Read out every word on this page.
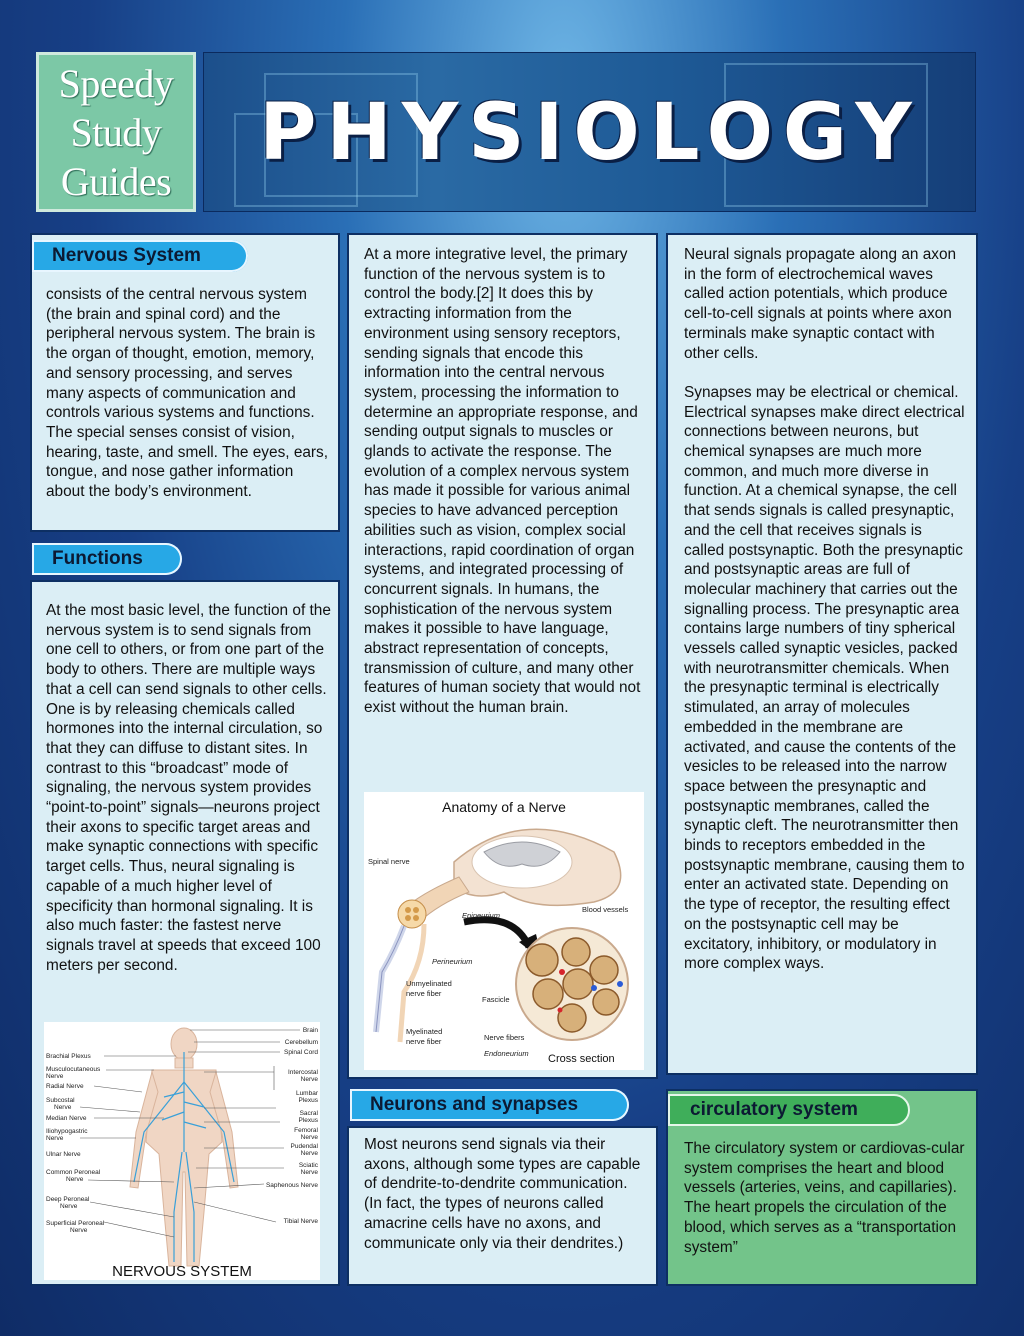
Speedy
Study
Guides
PHYSIOLOGY
Nervous System
consists of the central nervous system (the brain and spinal cord) and the peripheral nervous system. The brain is the organ of thought, emotion, memory, and sensory processing, and serves many aspects of communication and controls various systems and functions. The special senses consist of vision, hearing, taste, and smell. The eyes, ears, tongue, and nose gather information about the body’s environment.
Functions
At the most basic level, the function of the nervous system is to send signals from one cell to others, or from one part of the body to others. There are multiple ways that a cell can send signals to other cells. One is by releasing chemicals called hormones into the internal circulation, so that they can diffuse to distant sites. In contrast to this “broadcast” mode of signaling, the nervous system provides “point-to-point” signals—neurons project their axons to specific target areas and make synaptic connections with specific target cells. Thus, neural signaling is capable of a much higher level of specificity than hormonal signaling. It is also much faster: the fastest nerve signals travel at speeds that exceed 100 meters per second.
Brachial Plexus
Musculocutaneous
Nerve
Radial Nerve
Subcostal
Nerve
Median Nerve
Iliohypogastric
Nerve
Ulnar Nerve
Common Peroneal
Nerve
Deep Peroneal
Nerve
Superficial Peroneal
Nerve
Brain
Cerebellum
Spinal Cord
Intercostal
Nerve
Lumbar
Plexus
Sacral
Plexus
Femoral
Nerve
Pudendal
Nerve
Sciatic
Nerve
Saphenous Nerve
Tibial Nerve
NERVOUS SYSTEM
At a more integrative level, the primary function of the nervous system is to control the body.[2] It does this by extracting information from the environment using sensory receptors, sending signals that encode this information into the central nervous system, processing the information to determine an appropriate response, and sending output signals to muscles or glands to activate the response. The evolution of a complex nervous system has made it possible for various animal species to have advanced perception abilities such as vision, complex social interactions, rapid coordination of organ systems, and integrated processing of concurrent signals. In humans, the sophistication of the nervous system makes it possible to have language, abstract representation of concepts, transmission of culture, and many other features of human society that would not exist without the human brain.
Anatomy of a Nerve
Spinal nerve
Epineurium
Blood vessels
Perineurium
Unmyelinated
nerve fiber
Fascicle
Myelinated
nerve fiber	Nerve fibers
Endoneurium Cross section
Neurons and synapses
Most neurons send signals via their axons, although some types are capable of dendrite-to-dendrite communication. (In fact, the types of neurons called amacrine cells have no axons, and communicate only via their dendrites.)

Neural signals propagate along an axon in the form of electrochemical waves called action potentials, which produce cell-to-cell signals at points where axon terminals make synaptic contact with other cells.

Synapses may be electrical or chemical. Electrical synapses make direct electrical connections between neurons, but chemical synapses are much more common, and much more diverse in function. At a chemical synapse, the cell that sends signals is called presynaptic, and the cell that receives signals is called postsynaptic. Both the presynaptic and postsynaptic areas are full of molecular machinery that carries out the signalling process. The presynaptic area contains large numbers of tiny spherical vessels called synaptic vesicles, packed with neurotransmitter chemicals. When the presynaptic terminal is electrically stimulated, an array of molecules embedded in the membrane are activated, and cause the contents of the vesicles to be released into the narrow space between the presynaptic and postsynaptic membranes, called the synaptic cleft. The neurotransmitter then binds to receptors embedded in the postsynaptic membrane, causing them to enter an activated state. Depending on the type of receptor, the resulting effect on the postsynaptic cell may be excitatory, inhibitory, or modulatory in more complex ways.

circulatory system
The circulatory system or cardiovas-cular system comprises the heart and blood vessels (arteries, veins, and capillaries). The heart propels the circulation of the blood, which serves as a “transportation system”
